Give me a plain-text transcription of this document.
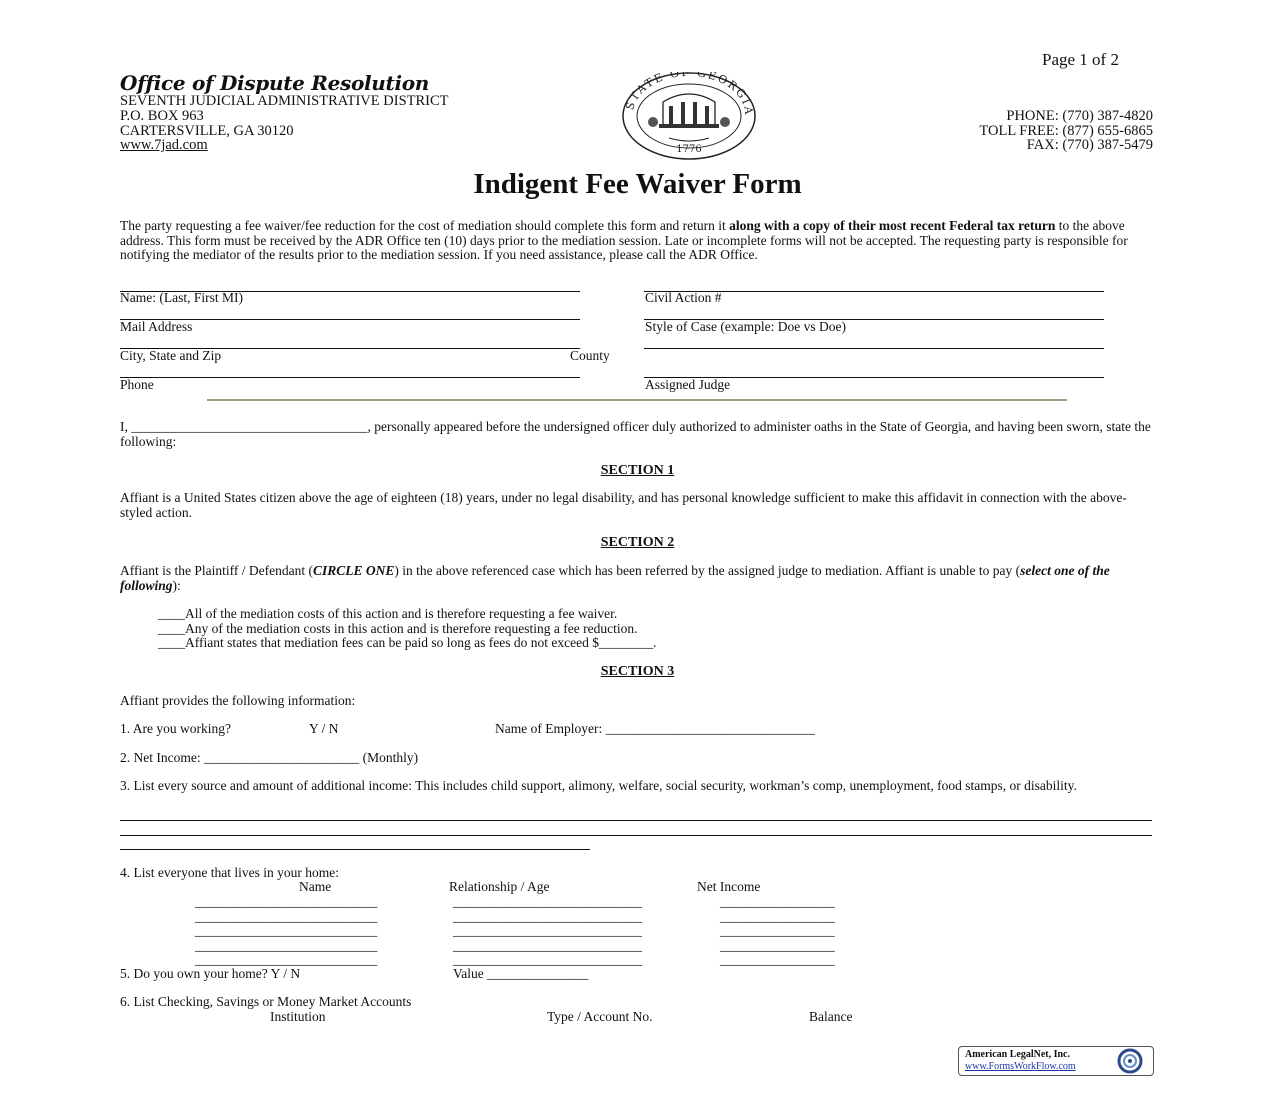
Page 1 of 2
Office of Dispute Resolution
SEVENTH JUDICIAL ADMINISTRATIVE DISTRICT
P.O. BOX 963
CARTERSVILLE, GA 30120
www.7jad.com
STATE OF GEORGIA
1776
PHONE: (770) 387-4820
TOLL FREE: (877) 655-6865
FAX: (770) 387-5479
Indigent Fee Waiver Form
The party requesting a fee waiver/fee reduction for the cost of mediation should complete this form and return it along with a copy of their most recent Federal tax return to the above address. This form must be received by the ADR Office ten (10) days prior to the mediation session. Late or incomplete forms will not be accepted. The requesting party is responsible for notifying the mediator of the results prior to the mediation session. If you need assistance, please call the ADR Office.
Name: (Last, First MI)	Civil Action #
Mail Address	Style of Case (example: Doe vs Doe)
City, State and Zip	County
Phone	Assigned Judge
I, ___________________________________, personally appeared before the undersigned officer duly authorized to administer oaths in the State of Georgia, and having been sworn, state the following:
SECTION 1
Affiant is a United States citizen above the age of eighteen (18) years, under no legal disability, and has personal knowledge sufficient to make this affidavit in connection with the above-styled action.
SECTION 2
Affiant is the Plaintiff / Defendant (CIRCLE ONE) in the above referenced case which has been referred by the assigned judge to mediation. Affiant is unable to pay (select one of the following):
____All of the mediation costs of this action and is therefore requesting a fee waiver.
____Any of the mediation costs in this action and is therefore requesting a fee reduction.
____Affiant states that mediation fees can be paid so long as fees do not exceed $________.
SECTION 3
Affiant provides the following information:
1. Are you working?	Y / N	Name of Employer: _______________________________
2. Net Income: _______________________ (Monthly)
3. List every source and amount of additional income: This includes child support, alimony, welfare, social security, workman’s comp, unemployment, food stamps, or disability.
4. List everyone that lives in your home:
Name	Relationship / Age	Net Income
___________________________	____________________________	_________________
___________________________	____________________________	_________________
___________________________	____________________________	_________________
___________________________	____________________________	_________________
___________________________	____________________________	_________________
5. Do you own your home? Y / N	Value _______________
6. List Checking, Savings or Money Market Accounts
Institution	Type / Account No.	Balance
American LegalNet, Inc.
www.FormsWorkFlow.com
